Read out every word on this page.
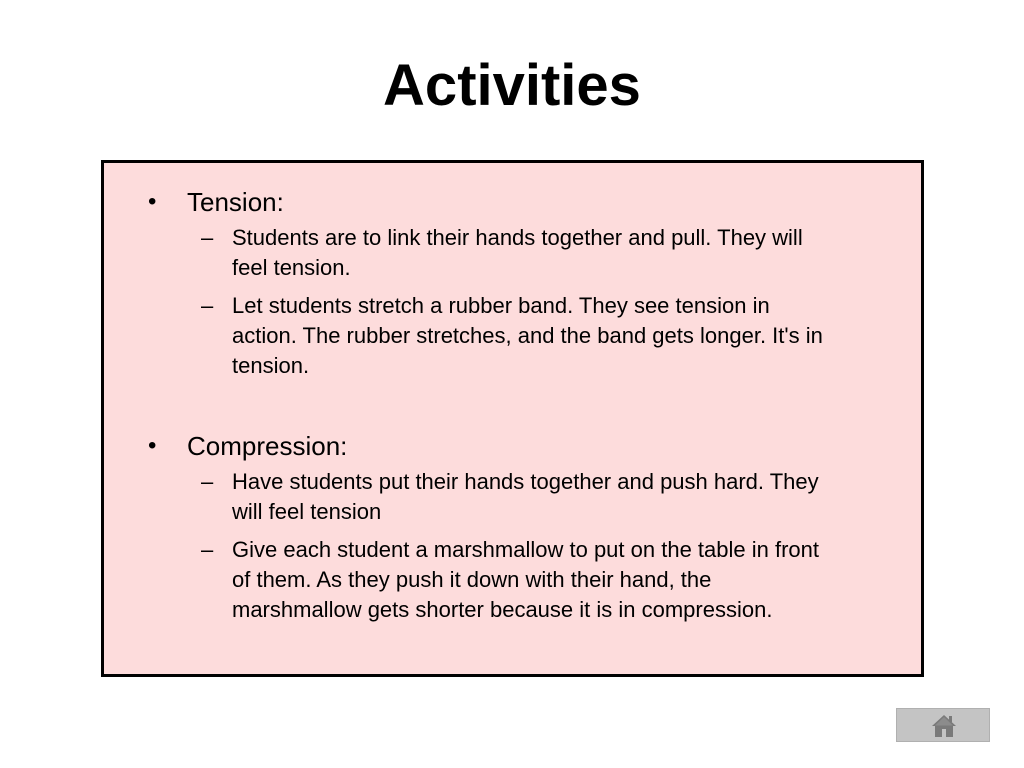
Activities
• Tension:
– Students are to link their hands together and pull. They will feel tension.
– Let students stretch a rubber band. They see tension in action. The rubber stretches, and the band gets longer. It's in tension.
• Compression:
– Have students put their hands together and push hard. They will feel tension
– Give each student a marshmallow to put on the table in front of them. As they push it down with their hand, the marshmallow gets shorter because it is in compression.
